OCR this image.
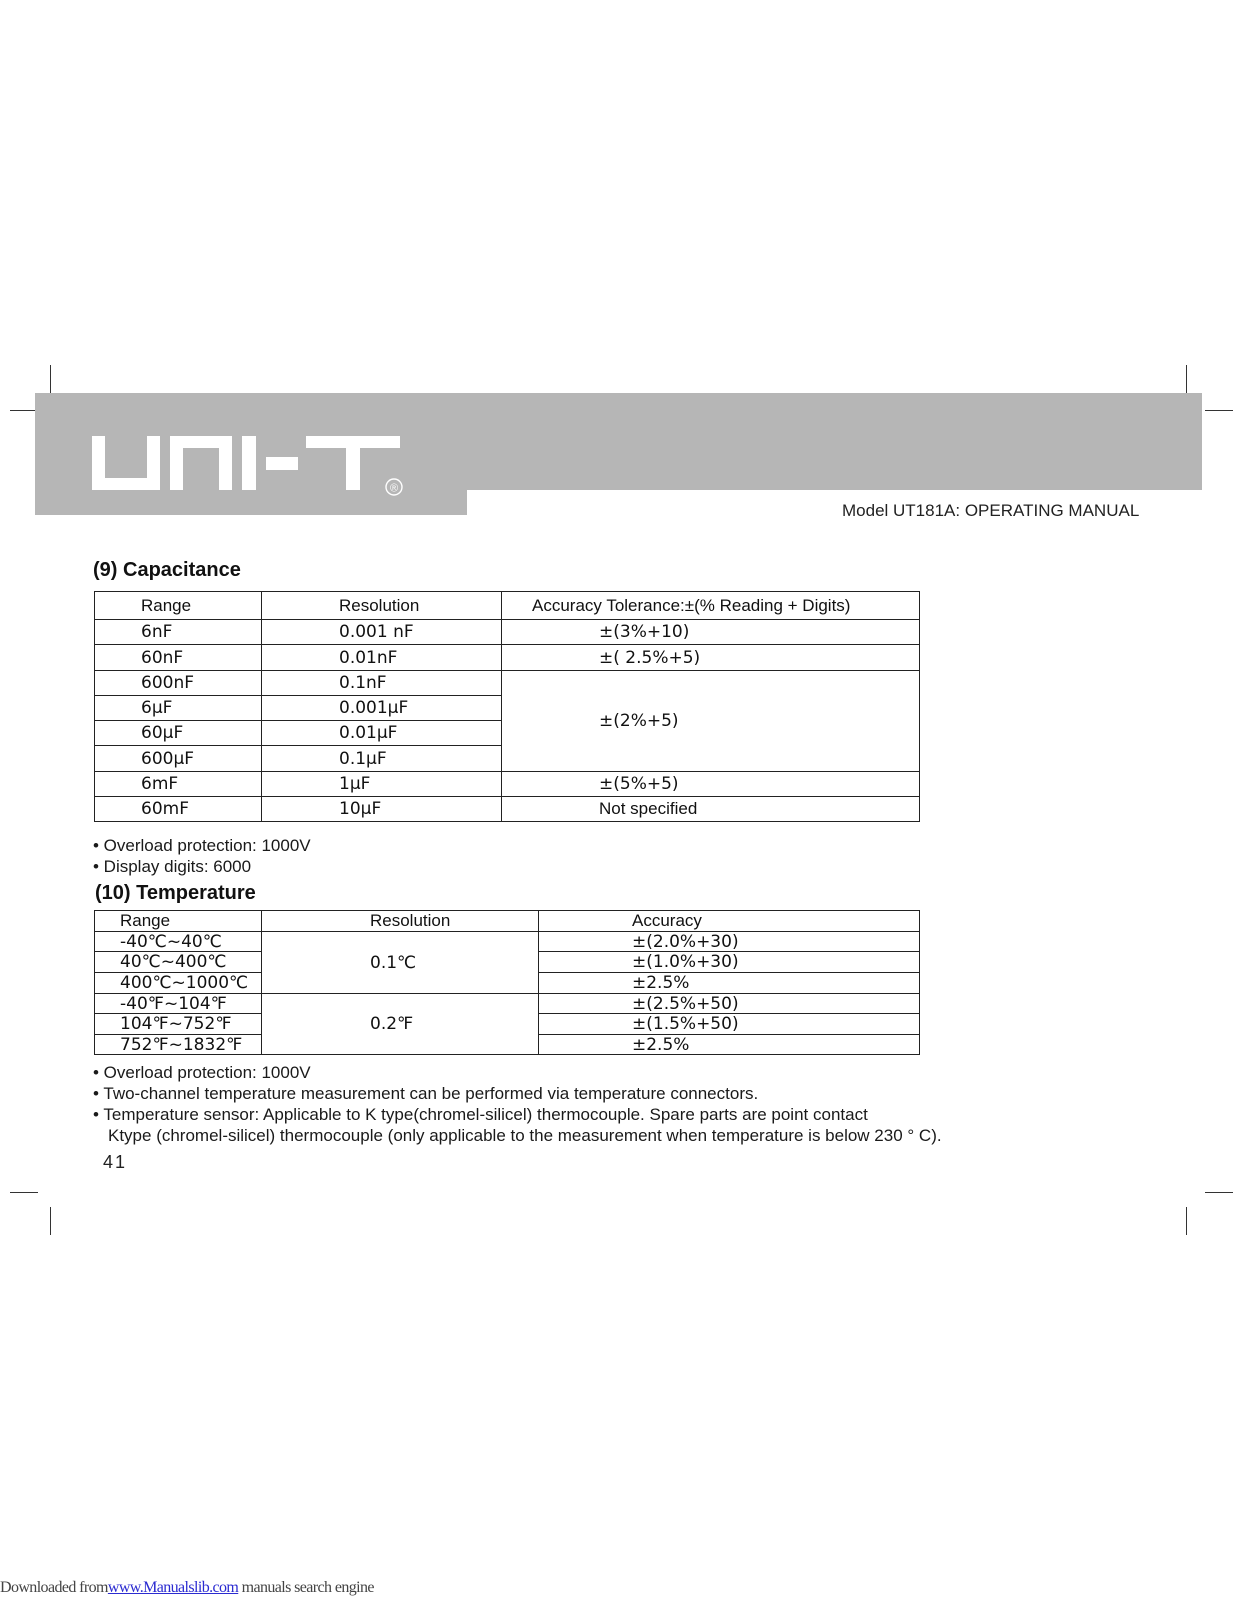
®
Model UT181A: OPERATING MANUAL
(9) Capacitance
Range	Resolution	Accuracy Tolerance:±(% Reading + Digits)
6nF	0.001 nF	±(3%+10)
60nF	0.01nF	±( 2.5%+5)
600nF	0.1nF	±(2%+5)
6μF	0.001μF	
60μF	0.01μF	
600μF	0.1μF	
6mF	1μF	±(5%+5)
60mF	10μF	Not specified
• Overload protection: 1000V
• Display digits: 6000
(10) Temperature
Range	Resolution	Accuracy
-40℃~40℃	0.1℃	±(2.0%+30)
40℃~400℃		±(1.0%+30)
400℃~1000℃		±2.5%
-40℉~104℉	0.2℉	±(2.5%+50)
104℉~752℉		±(1.5%+50)
752℉~1832℉		±2.5%
• Overload protection: 1000V
• Two-channel temperature measurement can be performed via temperature connectors.
• Temperature sensor: Applicable to K type(chromel-silicel) thermocouple. Spare parts are point contact
Ktype (chromel-silicel) thermocouple (only applicable to the measurement when temperature is below 230 ° C).
41
Downloaded fromwww.Manualslib.com manuals search engine
